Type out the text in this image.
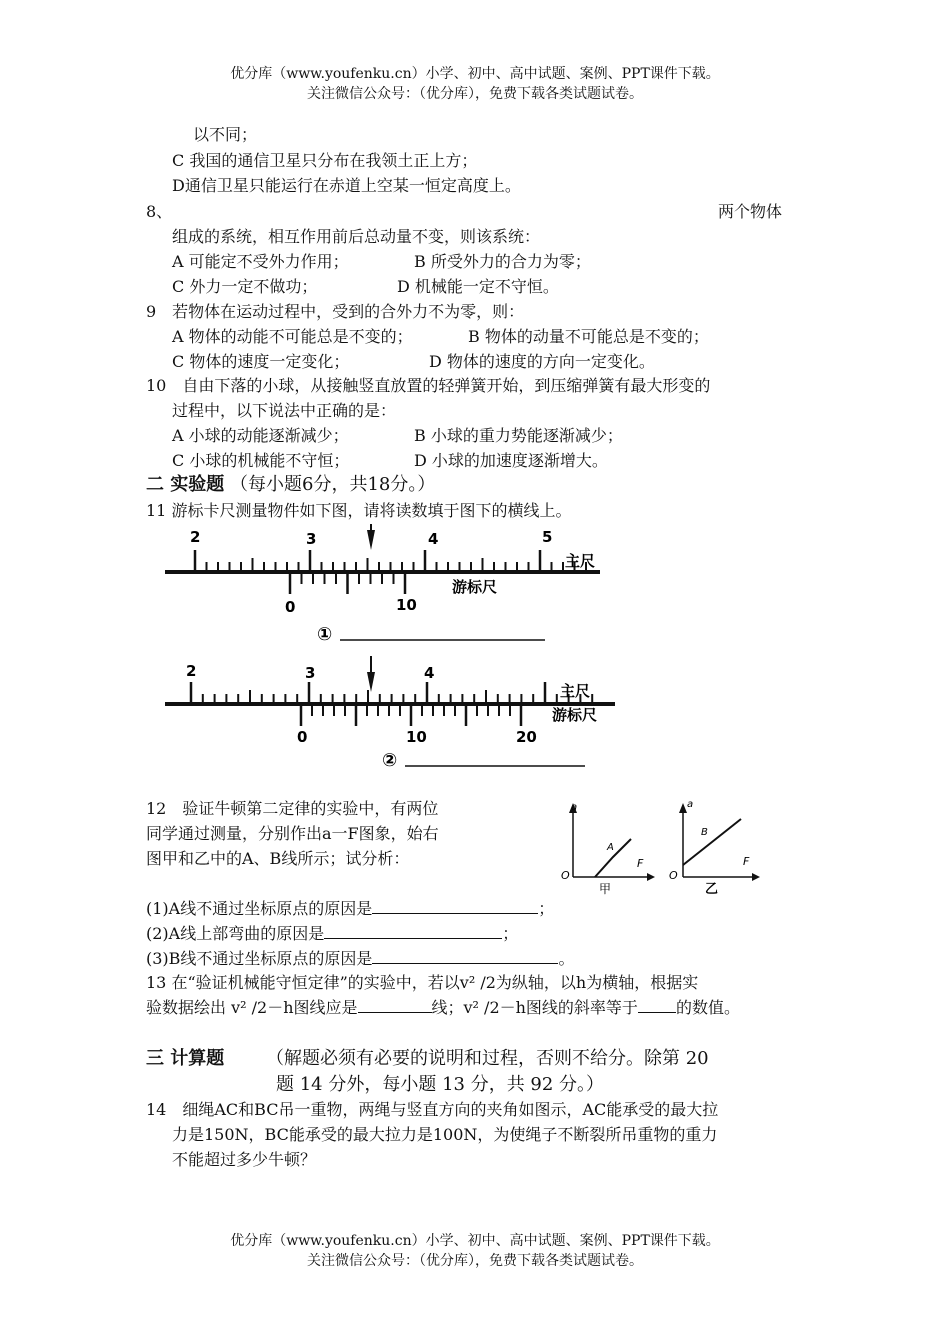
优分库（www.youfenku.cn）小学、初中、高中试题、案例、PPT课件下载。
关注微信公众号：（优分库），免费下载各类试题试卷。
以不同；
C 我国的通信卫星只分布在我领土正上方；
D通信卫星只能运行在赤道上空某一恒定高度上。
8、	两个物体
组成的系统，相互作用前后总动量不变，则该系统：
A 可能定不受外力作用；	B 所受外力的合力为零；
C 外力一定不做功；	D 机械能一定不守恒。
9　若物体在运动过程中，受到的合外力不为零，则：
A 物体的动能不可能总是不变的；	B 物体的动量不可能总是不变的；
C 物体的速度一定变化；	D 物体的速度的方向一定变化。
10　自由下落的小球，从接触竖直放置的轻弹簧开始，到压缩弹簧有最大形变的
过程中，以下说法中正确的是：
A 小球的动能逐渐减少；	B 小球的重力势能逐渐减少；
C 小球的机械能不守恒；	D 小球的加速度逐渐增大。
二 实验题 （每小题6分，共18分。）
11 游标卡尺测量物件如下图，请将读数填于图下的横线上。
2	3	4	5
主尺
游标尺
0	10
①
2	3	4
主尺
游标尺
0	10	20
②
12　验证牛顿第二定律的实验中，有两位
同学通过测量，分别作出a一F图象，始右
图甲和乙中的A、B线所示；试分析：
a
F
O
A
甲
a
F
O
B
乙
(1)A线不通过坐标原点的原因是	；
(2)A线上部弯曲的原因是	；
(3)B线不通过坐标原点的原因是	。
13 在“验证机械能守恒定律”的实验中，若以v² /2为纵轴，以h为横轴，根据实
验数据绘出 v² /2－h图线应是	线；v² /2－h图线的斜率等于 的数值。
三 计算题 （解题必须有必要的说明和过程，否则不给分。除第 20
题 14 分外，每小题 13 分，共 92 分。）
14　细绳AC和BC吊一重物，两绳与竖直方向的夹角如图示，AC能承受的最大拉
力是150N，BC能承受的最大拉力是100N，为使绳子不断裂所吊重物的重力
不能超过多少牛顿？
优分库（www.youfenku.cn）小学、初中、高中试题、案例、PPT课件下载。
关注微信公众号：（优分库），免费下载各类试题试卷。
